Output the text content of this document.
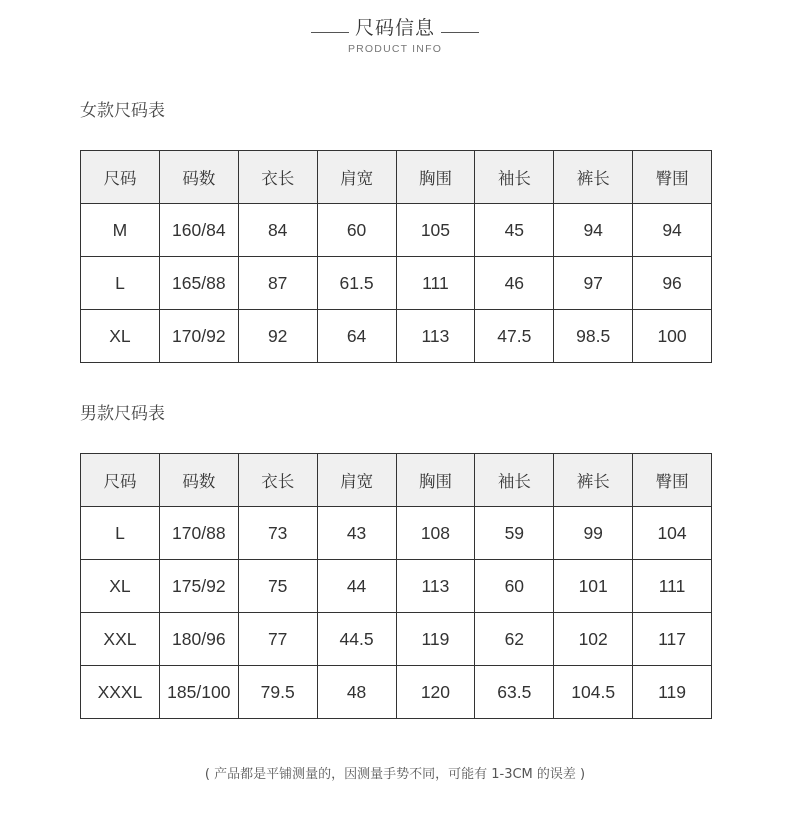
尺码信息
PRODUCT INFO
女款尺码表
尺码	码数	衣长	肩宽	胸围	袖长	裤长	臀围
M	160/84	84	60	105	45	94	94
L	165/88	87	61.5	111	46	97	96
XL	170/92	92	64	113	47.5	98.5	100
男款尺码表
尺码	码数	衣长	肩宽	胸围	袖长	裤长	臀围
L	170/88	73	43	108	59	99	104
XL	175/92	75	44	113	60	101	111
XXL	180/96	77	44.5	119	62	102	117
XXXL	185/100	79.5	48	120	63.5	104.5	119
( 产品都是平铺测量的，因测量手势不同，可能有 1-3CM 的误差 )
